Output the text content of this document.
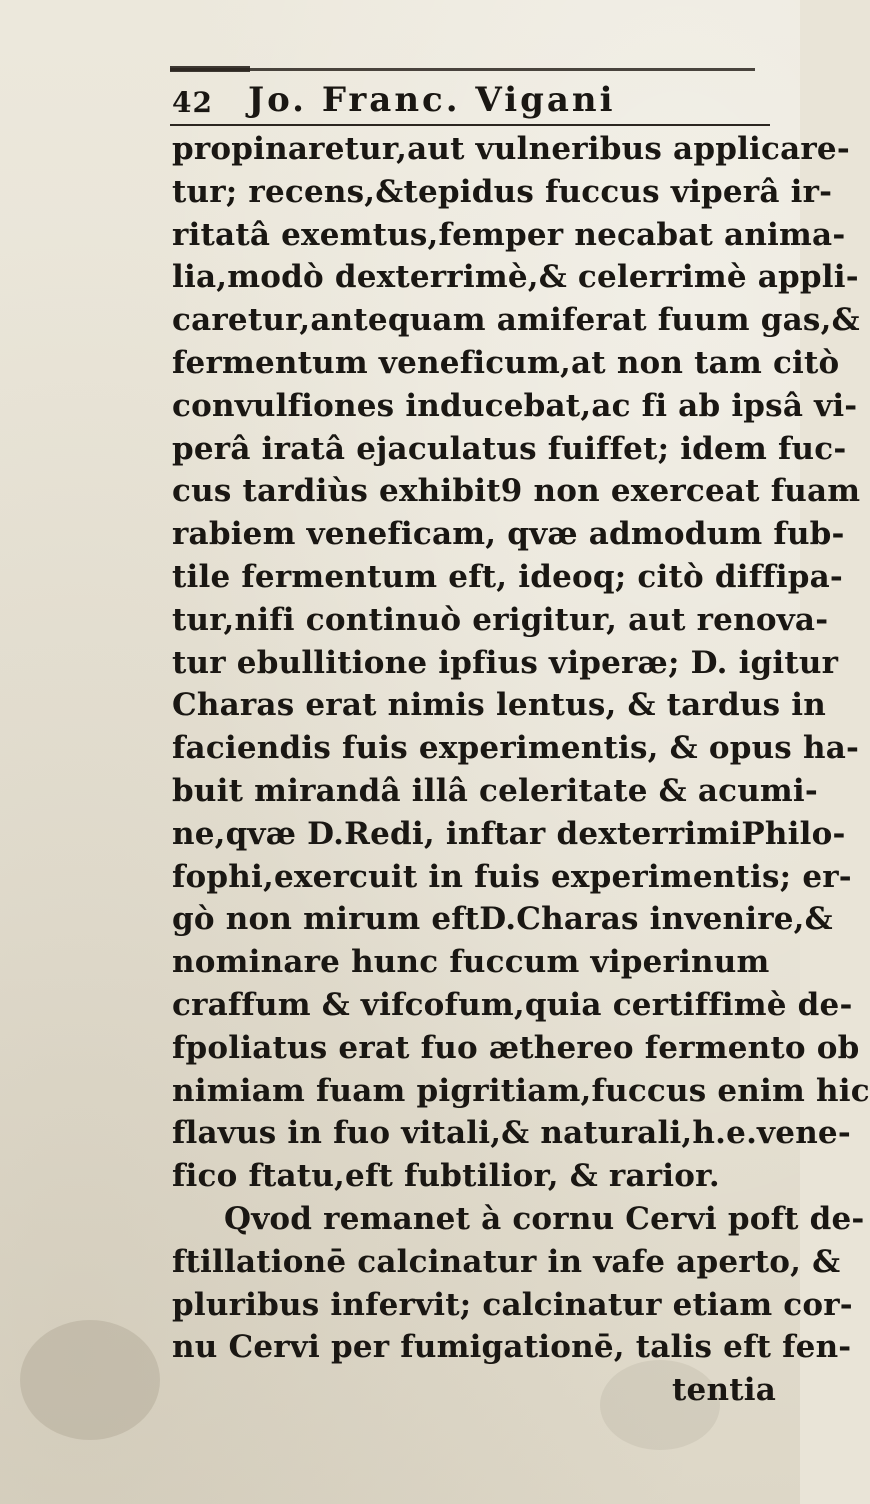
42 Jo. Franc. Vigani
propinaretur,aut vulneribus applicare-
tur; recens,&tepidus fuccus viperâ ir-
ritatâ exemtus,femper necabat anima-
lia,modò dexterrimè,& celerrimè appli-
caretur,antequam amiferat fuum gas,&
fermentum veneficum,at non tam citò
convulfiones inducebat,ac fi ab ipsâ vi-
perâ iratâ ejaculatus fuiffet; idem fuc-
cus tardiùs exhibit9 non exerceat fuam
rabiem veneficam, qvæ admodum fub-
tile fermentum eft, ideoq; citò diffipa-
tur,nifi continuò erigitur, aut renova-
tur ebullitione ipfius viperæ; D. igitur
Charas erat nimis lentus, & tardus in
faciendis fuis experimentis, & opus ha-
buit mirandâ illâ celeritate & acumi-
ne,qvæ D.Redi, inftar dexterrimiPhilo-
fophi,exercuit in fuis experimentis; er-
gò non mirum eftD.Charas invenire,&
nominare hunc fuccum viperinum
craffum & vifcofum,quia certiffimè de-
fpoliatus erat fuo æthereo fermento ob
nimiam fuam pigritiam,fuccus enim hic
flavus in fuo vitali,& naturali,h.e.vene-
fico ftatu,eft fubtilior, & rarior.
Qvod remanet à cornu Cervi poft de-
ftillationē calcinatur in vafe aperto, &
pluribus infervit; calcinatur etiam cor-
nu Cervi per fumigationē, talis eft fen-
tentia
